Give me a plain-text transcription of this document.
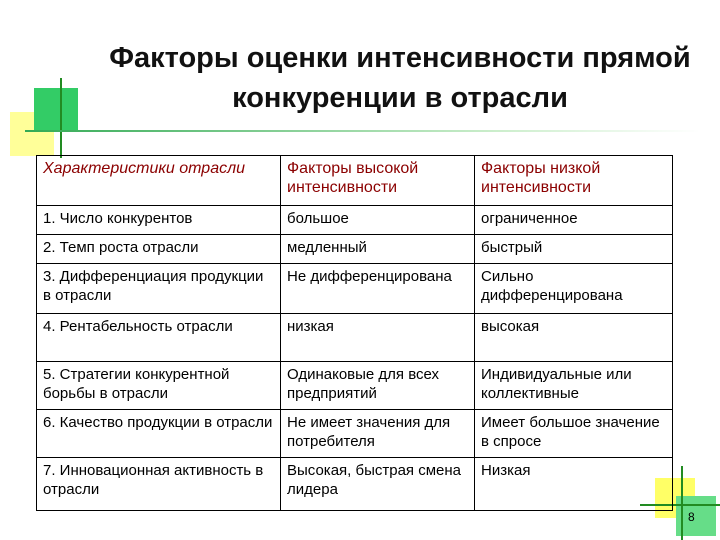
Факторы оценки интенсивности прямой конкуренции в отрасли
Характеристики отрасли	Факторы высокой интенсивности	Факторы низкой интенсивности
1. Число конкурентов	большое	ограниченное
2. Темп роста отрасли	медленный	быстрый
3. Дифференциация продукции в отрасли	Не дифференцирована	Сильно дифференцирована
4. Рентабельность отрасли	низкая	высокая
5. Стратегии конкурентной борьбы в отрасли	Одинаковые для всех предприятий	Индивидуальные или коллективные
6. Качество продукции в отрасли	Не имеет значения для потребителя	Имеет большое значение в спросе
7. Инновационная активность в отрасли	Высокая, быстрая смена лидера	Низкая
8
